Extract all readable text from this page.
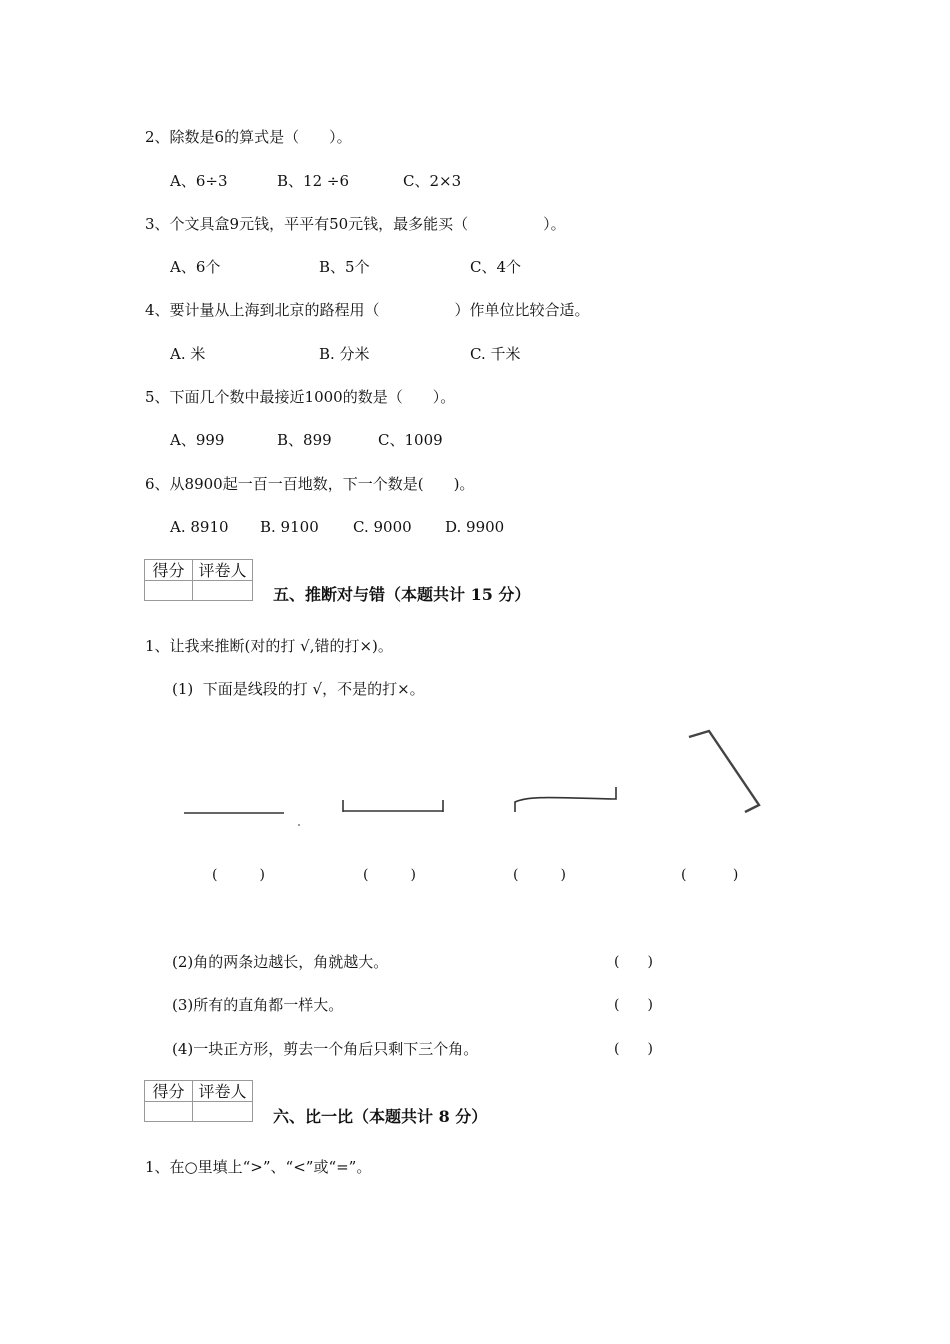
2、除数是6的算式是（　　）。
A、6÷3	B、12 ÷6	C、2×3
3、个文具盒9元钱，平平有50元钱，最多能买（　　　　　）。
A、6个	B、5个	C、4个
4、要计量从上海到北京的路程用（　　　　　）作单位比较合适。
A. 米	B. 分米	C. 千米
5、下面几个数中最接近1000的数是（　　）。
A、999	B、899	C、1009
6、从8900起一百一百地数，下一个数是(　　)。
A. 8910 B. 9100 C. 9000 D. 9900
得分 评卷人
五、推断对与错（本题共计 15 分）
1、让我来推断(对的打 √,错的打×)。
(1)  下面是线段的打 √，不是的打×。
(　　　)	(　　　)	(　　　)	(　　　 )
(2)角的两条边越长，角就越大。	(　　)
(3)所有的直角都一样大。	(　　)
(4)一块正方形，剪去一个角后只剩下三个角。	(　　)
得分 评卷人
六、比一比（本题共计 8 分）
1、在○里填上“>”、“<”或“=”。
